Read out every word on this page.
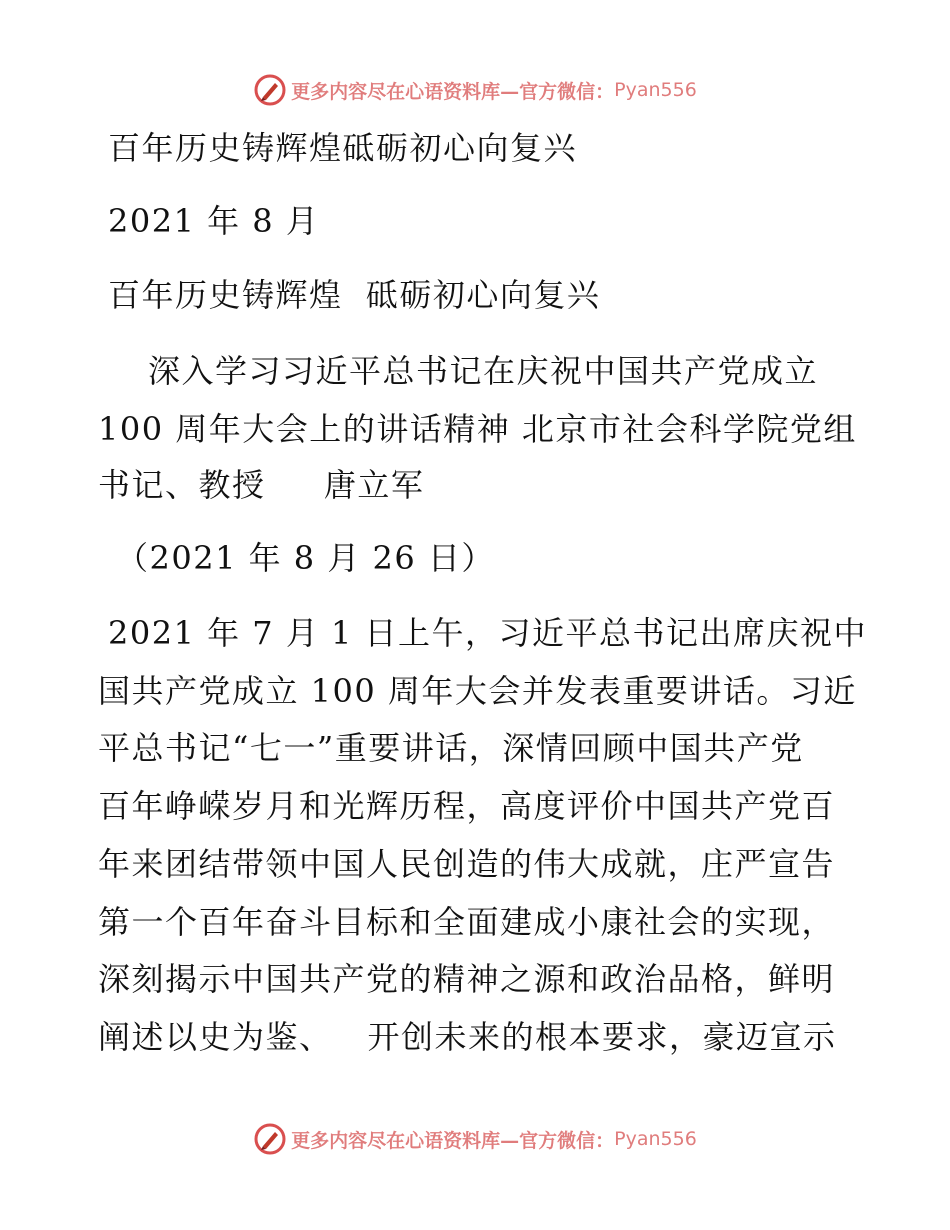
更多内容尽在心语资料库—官方微信： Pyan556
百年历史铸辉煌砥砺初心向复兴
2021 年 8 月
百年历史铸辉煌  砥砺初心向复兴
深入学习习近平总书记在庆祝中国共产党成立
100 周年大会上的讲话精神 北京市社会科学院党组
书记、教授     唐立军
（2021 年 8 月 26 日）
2021 年 7 月 1 日上午，习近平总书记出席庆祝中
国共产党成立 100 周年大会并发表重要讲话。习近
平总书记“七一”重要讲话，深情回顾中国共产党
百年峥嵘岁月和光辉历程，高度评价中国共产党百
年来团结带领中国人民创造的伟大成就，庄严宣告
第一个百年奋斗目标和全面建成小康社会的实现，
深刻揭示中国共产党的精神之源和政治品格，鲜明
阐述以史为鉴、   开创未来的根本要求，豪迈宣示
更多内容尽在心语资料库—官方微信： Pyan556
